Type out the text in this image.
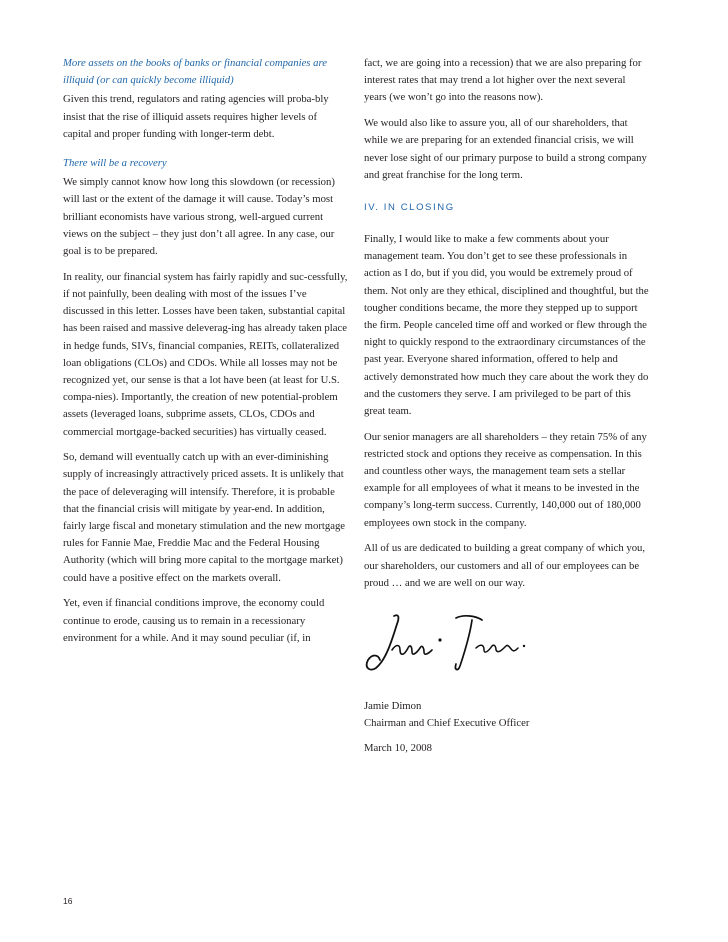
More assets on the books of banks or financial companies are illiquid (or can quickly become illiquid)

Given this trend, regulators and rating agencies will proba-bly insist that the rise of illiquid assets requires higher levels of capital and proper funding with longer-term debt.

There will be a recovery

We simply cannot know how long this slowdown (or recession) will last or the extent of the damage it will cause. Today’s most brilliant economists have various strong, well-argued current views on the subject – they just don’t all agree. In any case, our goal is to be prepared.

In reality, our financial system has fairly rapidly and suc-cessfully, if not painfully, been dealing with most of the issues I’ve discussed in this letter. Losses have been taken, substantial capital has been raised and massive deleverag-ing has already taken place in hedge funds, SIVs, financial companies, REITs, collateralized loan obligations (CLOs) and CDOs. While all losses may not be recognized yet, our sense is that a lot have been (at least for U.S. compa-nies). Importantly, the creation of new potential-problem assets (leveraged loans, subprime assets, CLOs, CDOs and commercial mortgage-backed securities) has virtually ceased.

So, demand will eventually catch up with an ever-diminishing supply of increasingly attractively priced assets. It is unlikely that the pace of deleveraging will intensify. Therefore, it is probable that the financial crisis will mitigate by year-end. In addition, fairly large fiscal and monetary stimulation and the new mortgage rules for Fannie Mae, Freddie Mac and the Federal Housing Authority (which will bring more capital to the mortgage market) could have a positive effect on the markets overall.

Yet, even if financial conditions improve, the economy could continue to erode, causing us to remain in a recessionary environment for a while. And it may sound peculiar (if, in

fact, we are going into a recession) that we are also preparing for interest rates that may trend a lot higher over the next several years (we won’t go into the reasons now).

We would also like to assure you, all of our shareholders, that while we are preparing for an extended financial crisis, we will never lose sight of our primary purpose to build a strong company and great franchise for the long term.

IV. IN CLOSING

Finally, I would like to make a few comments about your management team. You don’t get to see these professionals in action as I do, but if you did, you would be extremely proud of them. Not only are they ethical, disciplined and thoughtful, but the tougher conditions became, the more they stepped up to support the firm. People canceled time off and worked or flew through the night to quickly respond to the extraordinary circumstances of the past year. Everyone shared information, offered to help and actively demonstrated how much they care about the work they do and the customers they serve. I am privileged to be part of this great team.

Our senior managers are all shareholders – they retain 75% of any restricted stock and options they receive as compensation. In this and countless other ways, the management team sets a stellar example for all employees of what it means to be invested in the company’s long-term success. Currently, 140,000 out of 180,000 employees own stock in the company.

All of us are dedicated to building a great company of which you, our shareholders, our customers and all of our employees can be proud … and we are well on our way.

Jamie Dimon

Chairman and Chief Executive Officer

March 10, 2008

16
